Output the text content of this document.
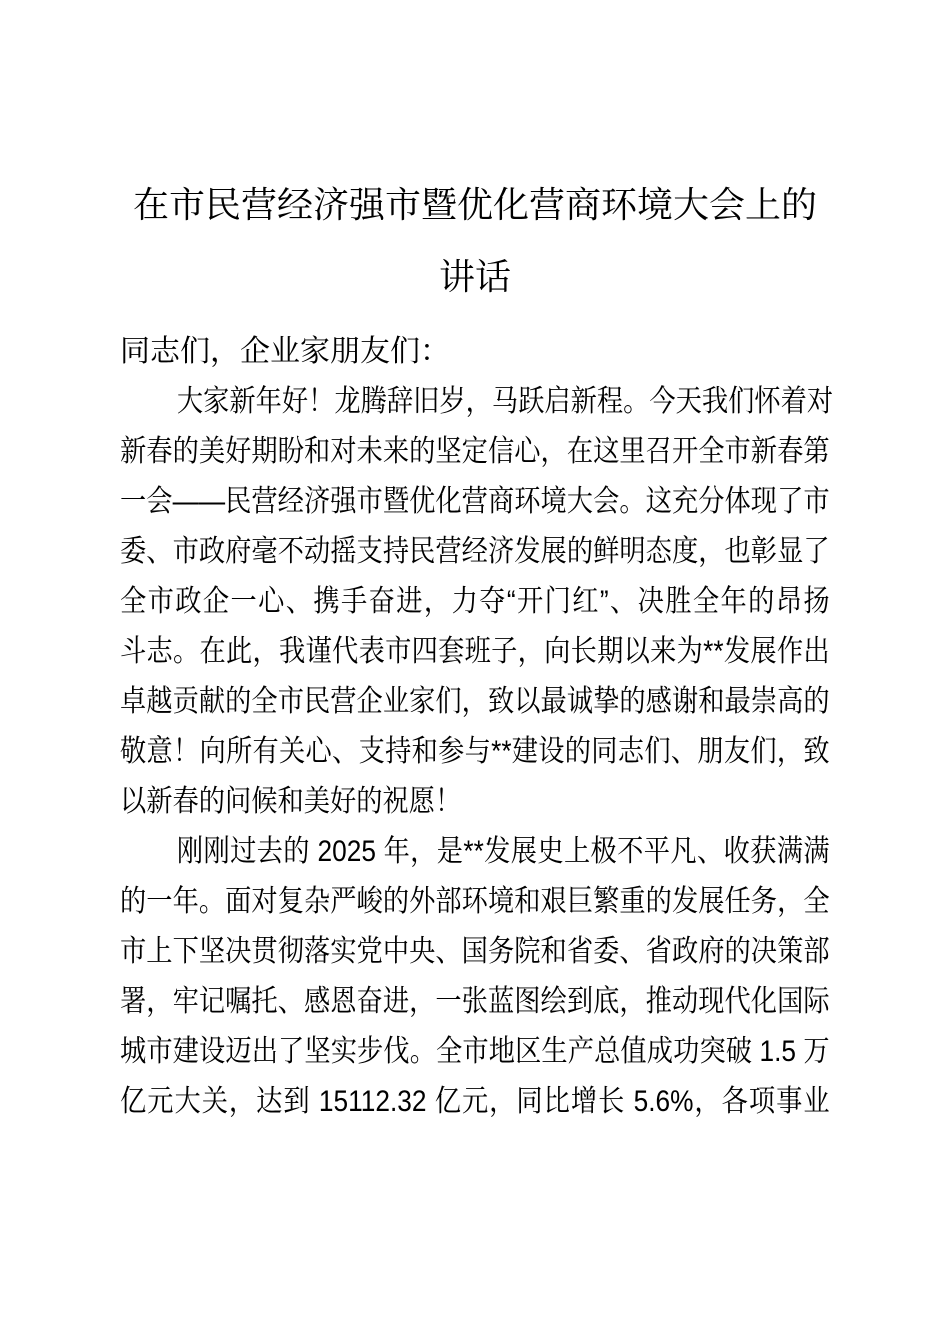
在市民营经济强市暨优化营商环境大会上的
讲话
同志们，企业家朋友们：
大家新年好！龙腾辞旧岁，马跃启新程。今天我们怀着对
新春的美好期盼和对未来的坚定信心，在这里召开全市新春第
一会——民营经济强市暨优化营商环境大会。这充分体现了市
委、市政府毫不动摇支持民营经济发展的鲜明态度，也彰显了
全市政企一心、携手奋进，力夺“开门红”、决胜全年的昂扬
斗志。在此，我谨代表市四套班子，向长期以来为**发展作出
卓越贡献的全市民营企业家们，致以最诚挚的感谢和最崇高的
敬意！向所有关心、支持和参与**建设的同志们、朋友们，致
以新春的问候和美好的祝愿！
刚刚过去的 2025 年，是**发展史上极不平凡、收获满满
的一年。面对复杂严峻的外部环境和艰巨繁重的发展任务，全
市上下坚决贯彻落实党中央、国务院和省委、省政府的决策部
署，牢记嘱托、感恩奋进，一张蓝图绘到底，推动现代化国际
城市建设迈出了坚实步伐。全市地区生产总值成功突破 1.5 万
亿元大关，达到 15112.32 亿元，同比增长 5.6%，各项事业
